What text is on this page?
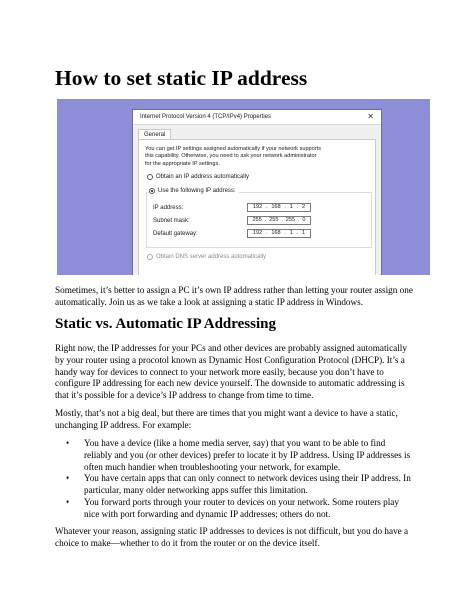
How to set static IP address
Internet Protocol Version 4 (TCP/IPv4) Properties	✕
General
You can get IP settings assigned automatically if your network supports
this capability. Otherwise, you need to ask your network administrator
for the appropriate IP settings.
Obtain an IP address automatically
Use the following IP address:
IP address:	192 . 168 . 1 . 2
Subnet mask:	255 . 255 . 255 . 0
Default gateway:	192 . 168 . 1 . 1
Obtain DNS server address automatically
Sometimes, it’s better to assign a PC it’s own IP address rather than letting your router assign one
automatically. Join us as we take a look at assigning a static IP address in Windows.
Static vs. Automatic IP Addressing
Right now, the IP addresses for your PCs and other devices are probably assigned automatically
by your router using a procotol known as Dynamic Host Configuration Protocol (DHCP). It’s a
handy way for devices to connect to your network more easily, because you don’t have to
configure IP addressing for each new device yourself. The downside to automatic addressing is
that it’s possible for a device’s IP address to change from time to time.
Mostly, that’s not a big deal, but there are times that you might want a device to have a static,
unchanging IP address. For example:
• You have a device (like a home media server, say) that you want to be able to find
reliably and you (or other devices) prefer to locate it by IP address. Using IP addresses is
often much handier when troubleshooting your network, for example.
• You have certain apps that can only connect to network devices using their IP address. In
particular, many older networking apps suffer this limitation.
• You forward ports through your router to devices on your network. Some routers play
nice with port forwarding and dynamic IP addresses; others do not.
Whatever your reason, assigning static IP addresses to devices is not difficult, but you do have a
choice to make—whether to do it from the router or on the device itself.
